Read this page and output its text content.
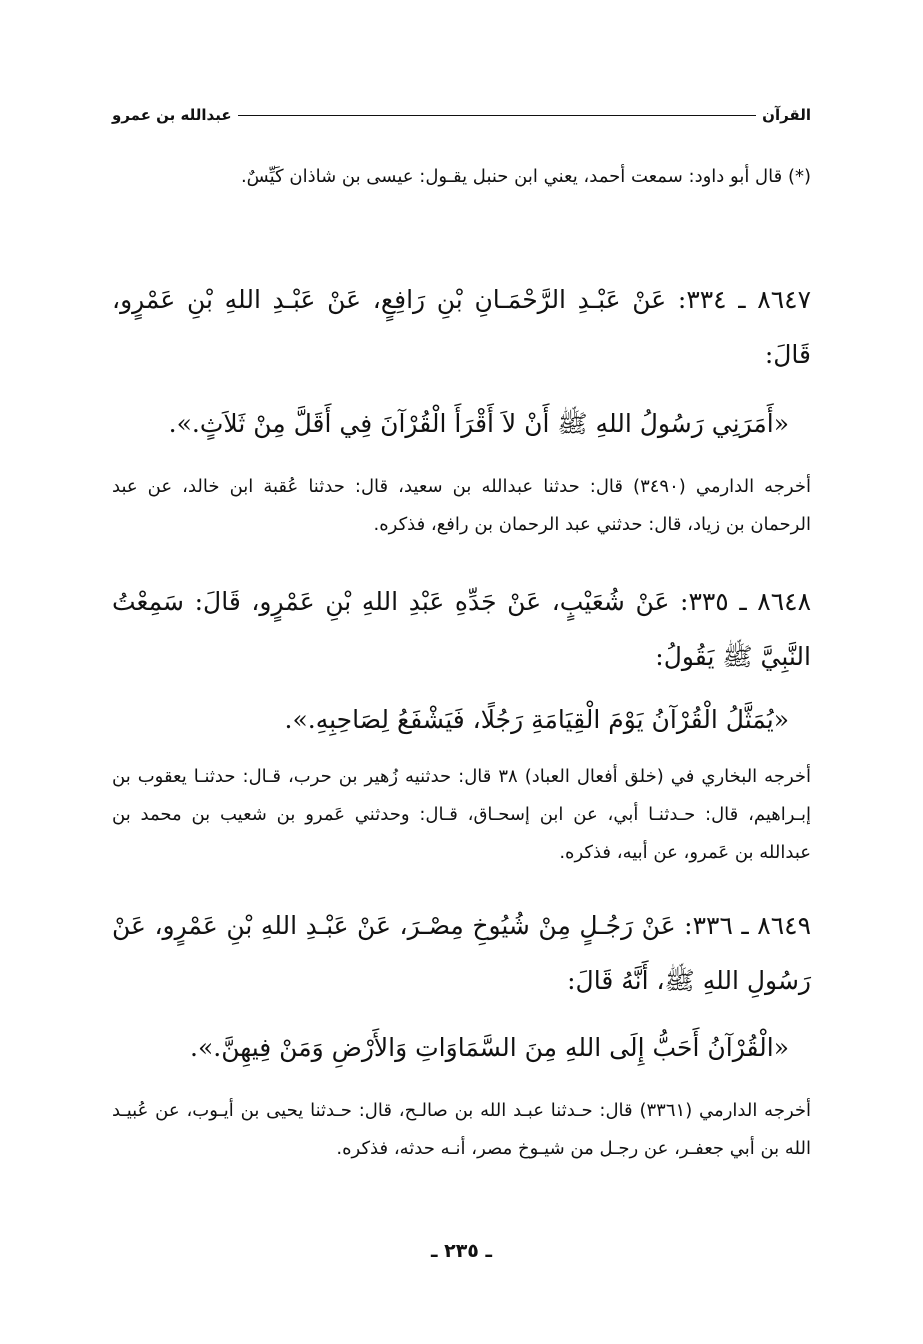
القرآن
عبدالله بن عمرو
(*) قال أبو داود: سمعت أحمد، يعني ابن حنبل يقـول: عيسى بن شاذان كَيِّسٌ.
٨٦٤٧ ـ ٣٣٤: عَنْ عَبْـدِ الرَّحْمَـانِ بْنِ رَافِعٍ، عَنْ عَبْـدِ اللهِ بْنِ عَمْرٍو، قَالَ:
«أَمَرَنِي رَسُولُ اللهِ ﷺ أَنْ لاَ أَقْرَأَ الْقُرْآنَ فِي أَقَلَّ مِنْ ثَلاَثٍ.».
أخرجه الدارمي (٣٤٩٠) قال: حدثنا عبدالله بن سعيد، قال: حدثنا عُقبة ابن خالد، عن عبد الرحمان بن زياد، قال: حدثني عبد الرحمان بن رافع، فذكره.
٨٦٤٨ ـ ٣٣٥: عَنْ شُعَيْبٍ، عَنْ جَدِّهِ عَبْدِ اللهِ بْنِ عَمْرٍو، قَالَ: سَمِعْتُ النَّبِيَّ ﷺ يَقُولُ:
«يُمَثَّلُ الْقُرْآنُ يَوْمَ الْقِيَامَةِ رَجُلًا، فَيَشْفَعُ لِصَاحِبِهِ.».
أخرجه البخاري في (خلق أفعال العباد) ٣٨ قال: حدثنيه زُهير بن حرب، قـال: حدثنـا يعقوب بن إبـراهيم، قال: حـدثنـا أبي، عن ابن إسحـاق، قـال: وحدثني عَمرو بن شعيب بن محمد بن عبدالله بن عَمرو، عن أبيه، فذكره.
٨٦٤٩ ـ ٣٣٦: عَنْ رَجُـلٍ مِنْ شُيُوخِ مِصْـرَ، عَنْ عَبْـدِ اللهِ بْنِ عَمْرٍو، عَنْ رَسُولِ اللهِ ﷺ، أَنَّهُ قَالَ:
«الْقُرْآنُ أَحَبُّ إِلَى اللهِ مِنَ السَّمَاوَاتِ وَالأَرْضِ وَمَنْ فِيهِنَّ.».
أخرجه الدارمي (٣٣٦١) قال: حـدثنا عبـد الله بن صالـح، قال: حـدثنا يحيى بن أيـوب، عن عُبيـد الله بن أبي جعفـر، عن رجـل من شيـوخ مصر، أنـه حدثه، فذكره.
ـ ٢٣٥ ـ
